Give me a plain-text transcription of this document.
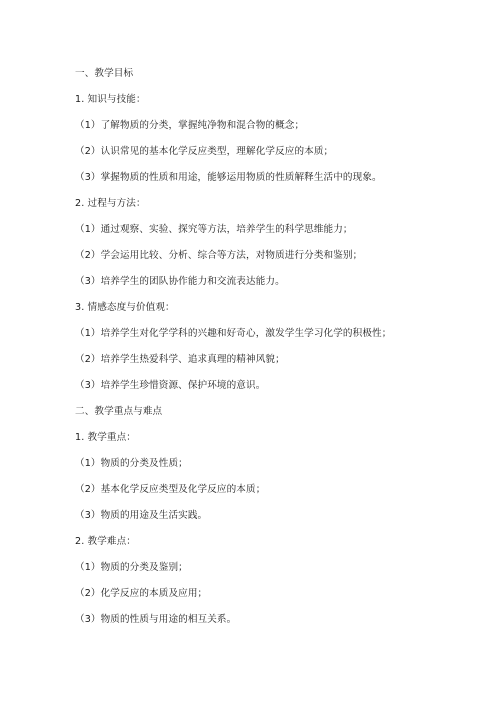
一、教学目标
1. 知识与技能：
（1）了解物质的分类，掌握纯净物和混合物的概念；
（2）认识常见的基本化学反应类型，理解化学反应的本质；
（3）掌握物质的性质和用途，能够运用物质的性质解释生活中的现象。
2. 过程与方法：
（1）通过观察、实验、探究等方法，培养学生的科学思维能力；
（2）学会运用比较、分析、综合等方法，对物质进行分类和鉴别；
（3）培养学生的团队协作能力和交流表达能力。
3. 情感态度与价值观：
（1）培养学生对化学学科的兴趣和好奇心，激发学生学习化学的积极性；
（2）培养学生热爱科学、追求真理的精神风貌；
（3）培养学生珍惜资源、保护环境的意识。
二、教学重点与难点
1. 教学重点：
（1）物质的分类及性质；
（2）基本化学反应类型及化学反应的本质；
（3）物质的用途及生活实践。
2. 教学难点：
（1）物质的分类及鉴别；
（2）化学反应的本质及应用；
（3）物质的性质与用途的相互关系。
